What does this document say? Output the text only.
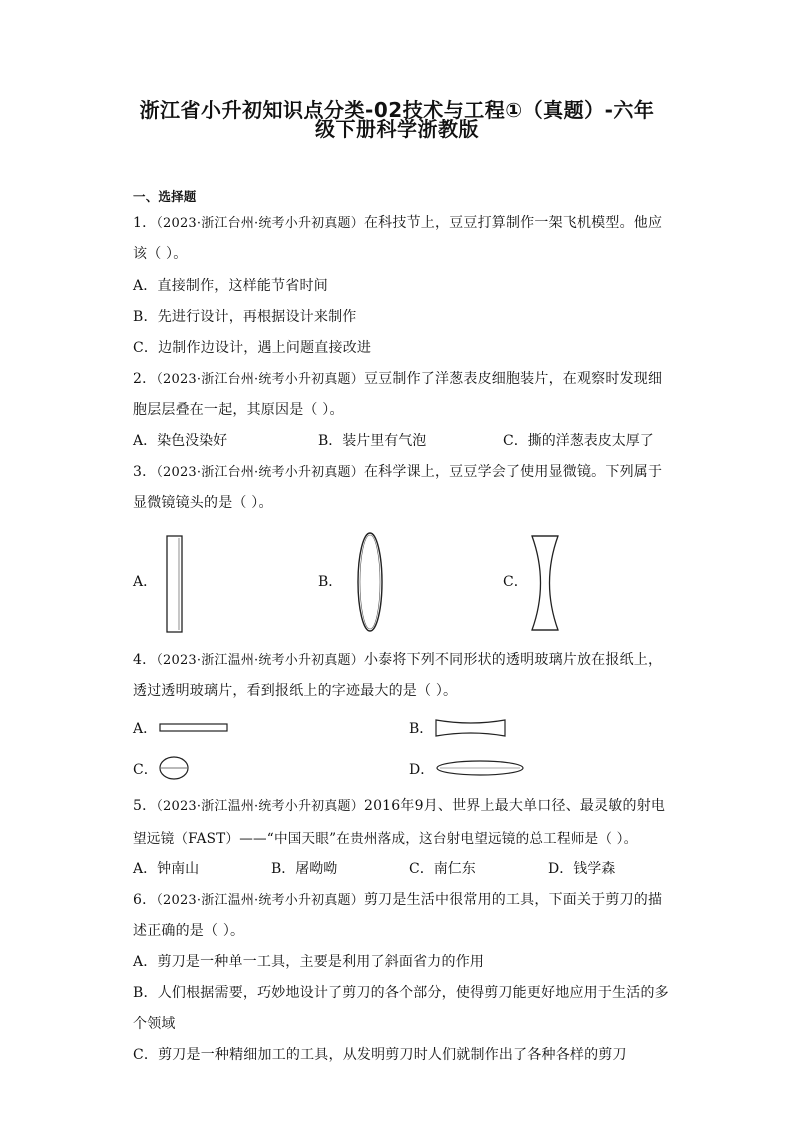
浙江省小升初知识点分类-02技术与工程①（真题）-六年
级下册科学浙教版
一、选择题
1．（2023·浙江台州·统考小升初真题）在科技节上，豆豆打算制作一架飞机模型。他应
该（ ）。
A．直接制作，这样能节省时间
B．先进行设计，再根据设计来制作
C．边制作边设计，遇上问题直接改进
2．（2023·浙江台州·统考小升初真题）豆豆制作了洋葱表皮细胞装片，在观察时发现细
胞层层叠在一起，其原因是（ ）。
A．染色没染好	B．装片里有气泡	C．撕的洋葱表皮太厚了
3．（2023·浙江台州·统考小升初真题）在科学课上，豆豆学会了使用显微镜。下列属于
显微镜镜头的是（ ）。
A．	B．	C．
4．（2023·浙江温州·统考小升初真题）小泰将下列不同形状的透明玻璃片放在报纸上，
透过透明玻璃片，看到报纸上的字迹最大的是（ ）。
A．	B．
C．	D．
5．（2023·浙江温州·统考小升初真题）2016年9月、世界上最大单口径、最灵敏的射电
望远镜（FAST）——“中国天眼”在贵州落成，这台射电望远镜的总工程师是（ ）。
A．钟南山	B．屠呦呦	C．南仁东	D．钱学森
6．（2023·浙江温州·统考小升初真题）剪刀是生活中很常用的工具，下面关于剪刀的描
述正确的是（ ）。
A．剪刀是一种单一工具，主要是利用了斜面省力的作用
B．人们根据需要，巧妙地设计了剪刀的各个部分，使得剪刀能更好地应用于生活的多
个领域
C．剪刀是一种精细加工的工具，从发明剪刀时人们就制作出了各种各样的剪刀
